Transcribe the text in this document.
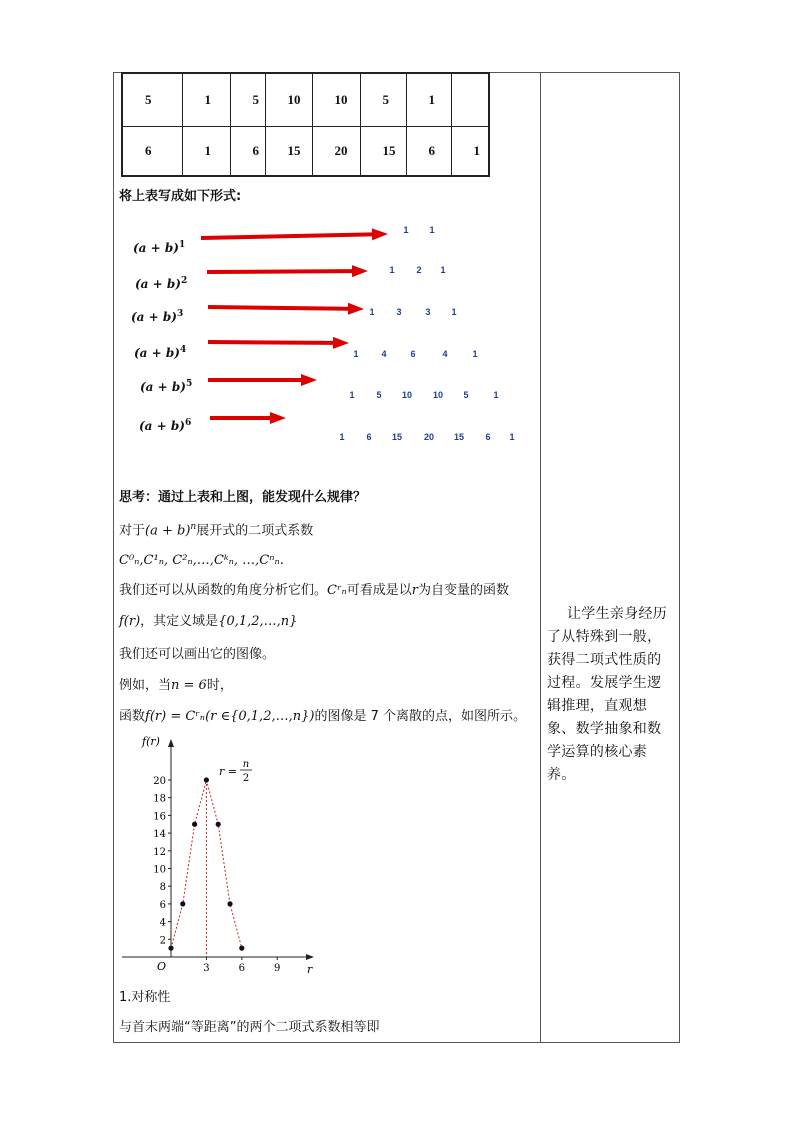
5	1	5	10	10	5	1	
6	1	6	15	20	15	6	1
将上表写成如下形式:
$(a + b)^1$
$(a + b)^2$
$(a + b)^3$
$(a + b)^4$
$(a + b)^5$
$(a + b)^6$
1 1
1 2 1
1 3	3 1
1	4	6	4	1
1 5 10 10 5	1
1 6 15 20 15 6 1
思考：通过上表和上图，能发现什么规律？
对于$(a + b)^n$展开式的二项式系数
C⁰ₙ,C¹ₙ, C²ₙ,…,Cᵏₙ, …,Cⁿₙ.
我们还可以从函数的角度分析它们。Cʳₙ可看成是以r为自变量的函数
f(r)，其定义域是{0,1,2,…,n}
我们还可以画出它的图像。
例如，当n = 6时，
函数f(r) = Cʳₙ(r ∈{0,1,2,…,n})的图像是 7 个离散的点，如图所示。
f(r)
r
O
2
4
6
8
10
12
14
16
18
20
3	6	9
r =
n
2
1.对称性
与首末两端“等距离”的两个二项式系数相等即
让学生亲身经历了从特殊到一般，获得二项式性质的过程。发展学生逻辑推理，直观想象、数学抽象和数学运算的核心素养。
